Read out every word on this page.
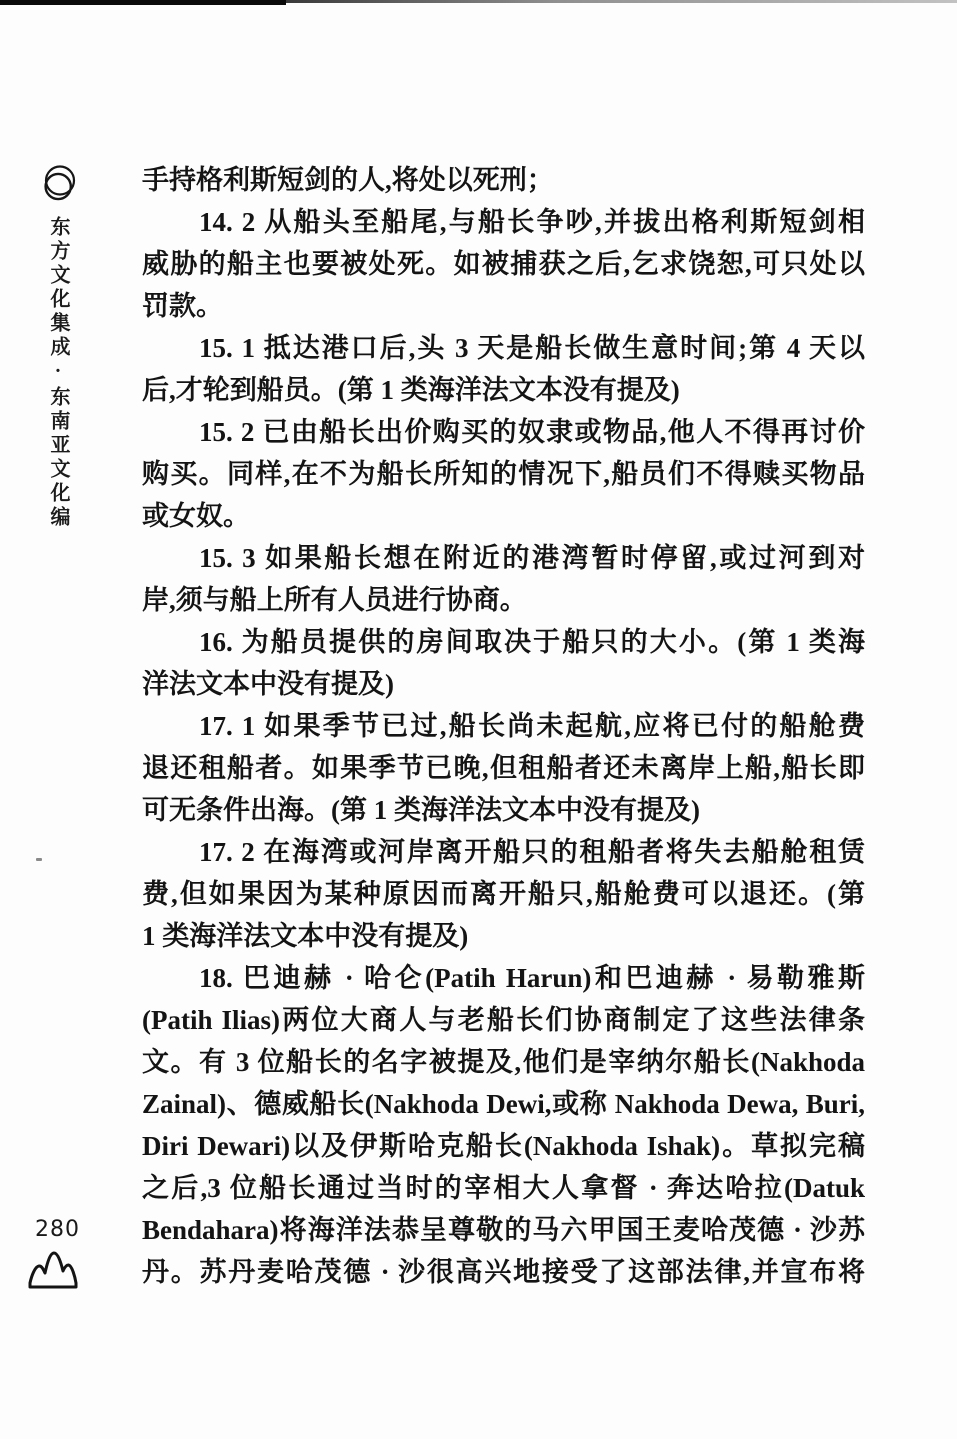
东方文化集成·东南亚文化编
手持格利斯短剑的人,将处以死刑；
14. 2 从船头至船尾,与船长争吵,并拔出格利斯短剑相
威胁的船主也要被处死。如被捕获之后,乞求饶恕,可只处以
罚款。
15. 1 抵达港口后,头 3 天是船长做生意时间;第 4 天以
后,才轮到船员。(第 1 类海洋法文本没有提及)
15. 2 已由船长出价购买的奴隶或物品,他人不得再讨价
购买。同样,在不为船长所知的情况下,船员们不得赎买物品
或女奴。
15. 3 如果船长想在附近的港湾暂时停留,或过河到对
岸,须与船上所有人员进行协商。
16. 为船员提供的房间取决于船只的大小。(第 1 类海
洋法文本中没有提及)
17. 1 如果季节已过,船长尚未起航,应将已付的船舱费
退还租船者。如果季节已晚,但租船者还未离岸上船,船长即
可无条件出海。(第 1 类海洋法文本中没有提及)
17. 2 在海湾或河岸离开船只的租船者将失去船舱租赁
费,但如果因为某种原因而离开船只,船舱费可以退还。(第
1 类海洋法文本中没有提及)
18. 巴迪赫 · 哈仑(Patih Harun)和巴迪赫 · 易勒雅斯
(Patih Ilias)两位大商人与老船长们协商制定了这些法律条
文。有 3 位船长的名字被提及,他们是宰纳尔船长(Nakhoda
Zainal)、德威船长(Nakhoda Dewi,或称 Nakhoda Dewa, Buri,
Diri Dewari)以及伊斯哈克船长(Nakhoda Ishak)。草拟完稿
之后,3 位船长通过当时的宰相大人拿督 · 奔达哈拉(Datuk
Bendahara)将海洋法恭呈尊敬的马六甲国王麦哈茂德 · 沙苏
丹。苏丹麦哈茂德 · 沙很高兴地接受了这部法律,并宣布将
280
